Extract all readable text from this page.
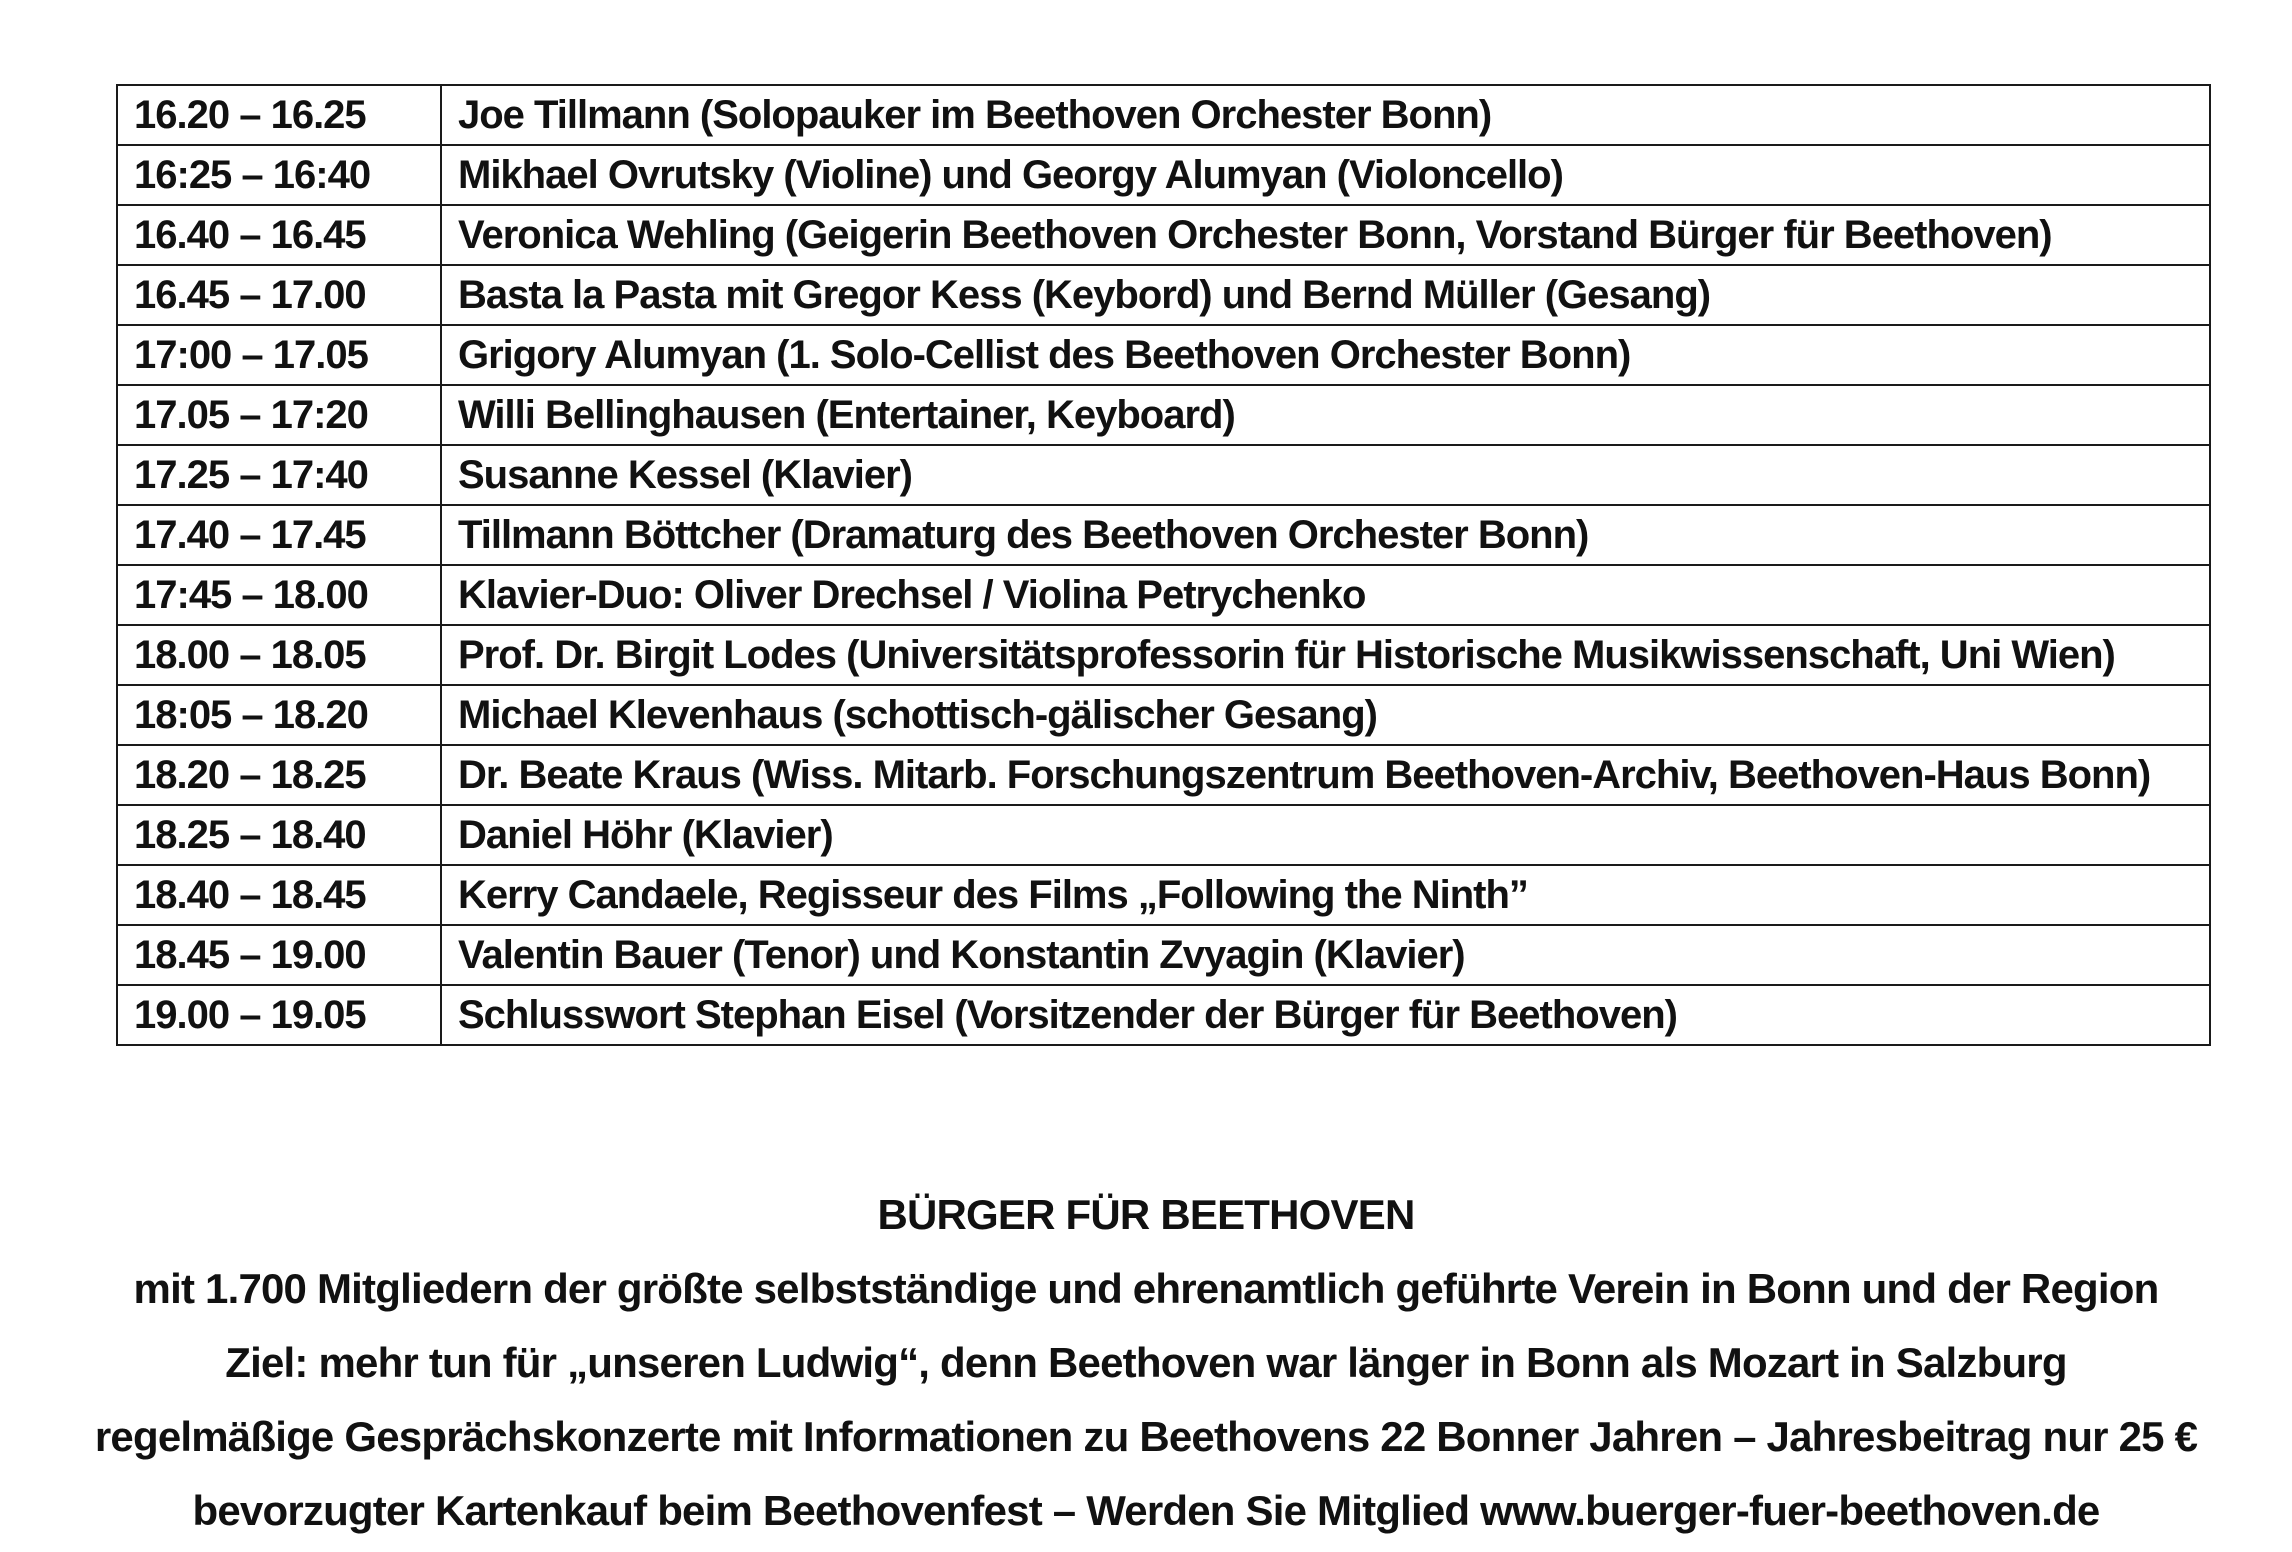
16.20 – 16.25	Joe Tillmann (Solopauker im Beethoven Orchester Bonn)
16:25 – 16:40	Mikhael Ovrutsky (Violine) und Georgy Alumyan (Violoncello)
16.40 – 16.45	Veronica Wehling (Geigerin Beethoven Orchester Bonn, Vorstand Bürger für Beethoven)
16.45 – 17.00	Basta la Pasta mit Gregor Kess (Keybord) und Bernd Müller (Gesang)
17:00 – 17.05	Grigory Alumyan (1. Solo-Cellist des Beethoven Orchester Bonn)
17.05 – 17:20	Willi Bellinghausen (Entertainer, Keyboard)
17.25 – 17:40	Susanne Kessel (Klavier)
17.40 – 17.45	Tillmann Böttcher (Dramaturg des Beethoven Orchester Bonn)
17:45 – 18.00	Klavier-Duo: Oliver Drechsel / Violina Petrychenko
18.00 – 18.05	Prof. Dr. Birgit Lodes (Universitätsprofessorin für Historische Musikwissenschaft, Uni Wien)
18:05 – 18.20	Michael Klevenhaus (schottisch-gälischer Gesang)
18.20 – 18.25	Dr. Beate Kraus (Wiss. Mitarb. Forschungszentrum Beethoven-Archiv, Beethoven-Haus Bonn)
18.25 – 18.40	Daniel Höhr (Klavier)
18.40 – 18.45	Kerry Candaele, Regisseur des Films „Following the Ninth”
18.45 – 19.00	Valentin Bauer (Tenor) und Konstantin Zvyagin (Klavier)
19.00 – 19.05	Schlusswort Stephan Eisel (Vorsitzender der Bürger für Beethoven)
BÜRGER FÜR BEETHOVEN
mit 1.700 Mitgliedern der größte selbstständige und ehrenamtlich geführte Verein in Bonn und der Region
Ziel: mehr tun für „unseren Ludwig“, denn Beethoven war länger in Bonn als Mozart in Salzburg
regelmäßige Gesprächskonzerte mit Informationen zu Beethovens 22 Bonner Jahren – Jahresbeitrag nur 25 €
bevorzugter Kartenkauf beim Beethovenfest – Werden Sie Mitglied www.buerger-fuer-beethoven.de
